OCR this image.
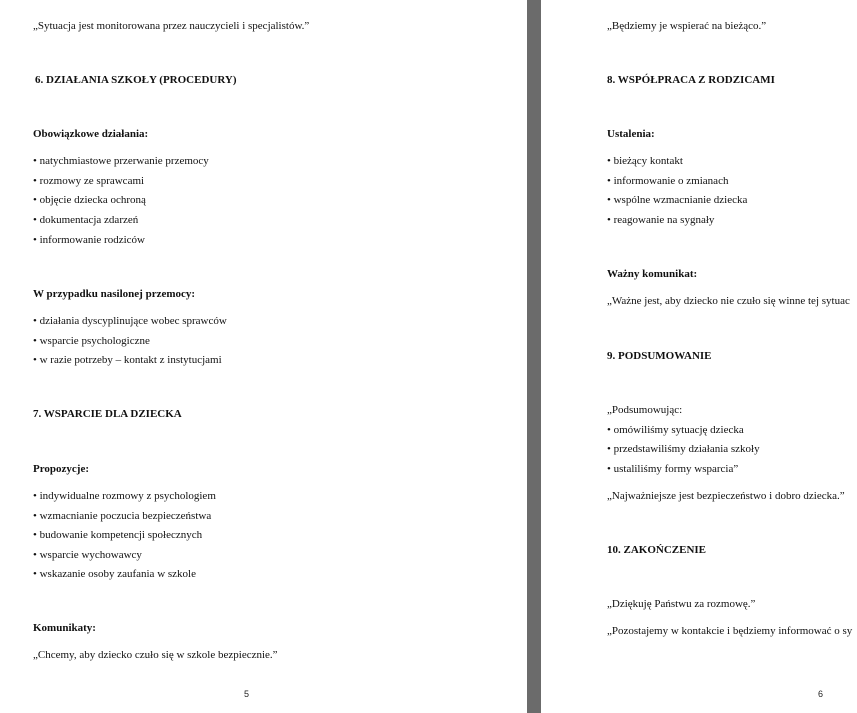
„Sytuacja jest monitorowana przez nauczycieli i specjalistów.”
6. DZIAŁANIA SZKOŁY (PROCEDURY)
Obowiązkowe działania:
• natychmiastowe przerwanie przemocy
• rozmowy ze sprawcami
• objęcie dziecka ochroną
• dokumentacja zdarzeń
• informowanie rodziców
W przypadku nasilonej przemocy:
• działania dyscyplinujące wobec sprawców
• wsparcie psychologiczne
• w razie potrzeby – kontakt z instytucjami
7. WSPARCIE DLA DZIECKA
Propozycje:
• indywidualne rozmowy z psychologiem
• wzmacnianie poczucia bezpieczeństwa
• budowanie kompetencji społecznych
• wsparcie wychowawcy
• wskazanie osoby zaufania w szkole
Komunikaty:
„Chcemy, aby dziecko czuło się w szkole bezpiecznie.”
5
„Będziemy je wspierać na bieżąco.”
8. WSPÓŁPRACA Z RODZICAMI
Ustalenia:
• bieżący kontakt
• informowanie o zmianach
• wspólne wzmacnianie dziecka
• reagowanie na sygnały
Ważny komunikat:
„Ważne jest, aby dziecko nie czuło się winne tej sytuac
9. PODSUMOWANIE
„Podsumowując:
• omówiliśmy sytuację dziecka
• przedstawiliśmy działania szkoły
• ustaliliśmy formy wsparcia”
„Najważniejsze jest bezpieczeństwo i dobro dziecka.”
10. ZAKOŃCZENIE
„Dziękuję Państwu za rozmowę.”
„Pozostajemy w kontakcie i będziemy informować o sy
6
